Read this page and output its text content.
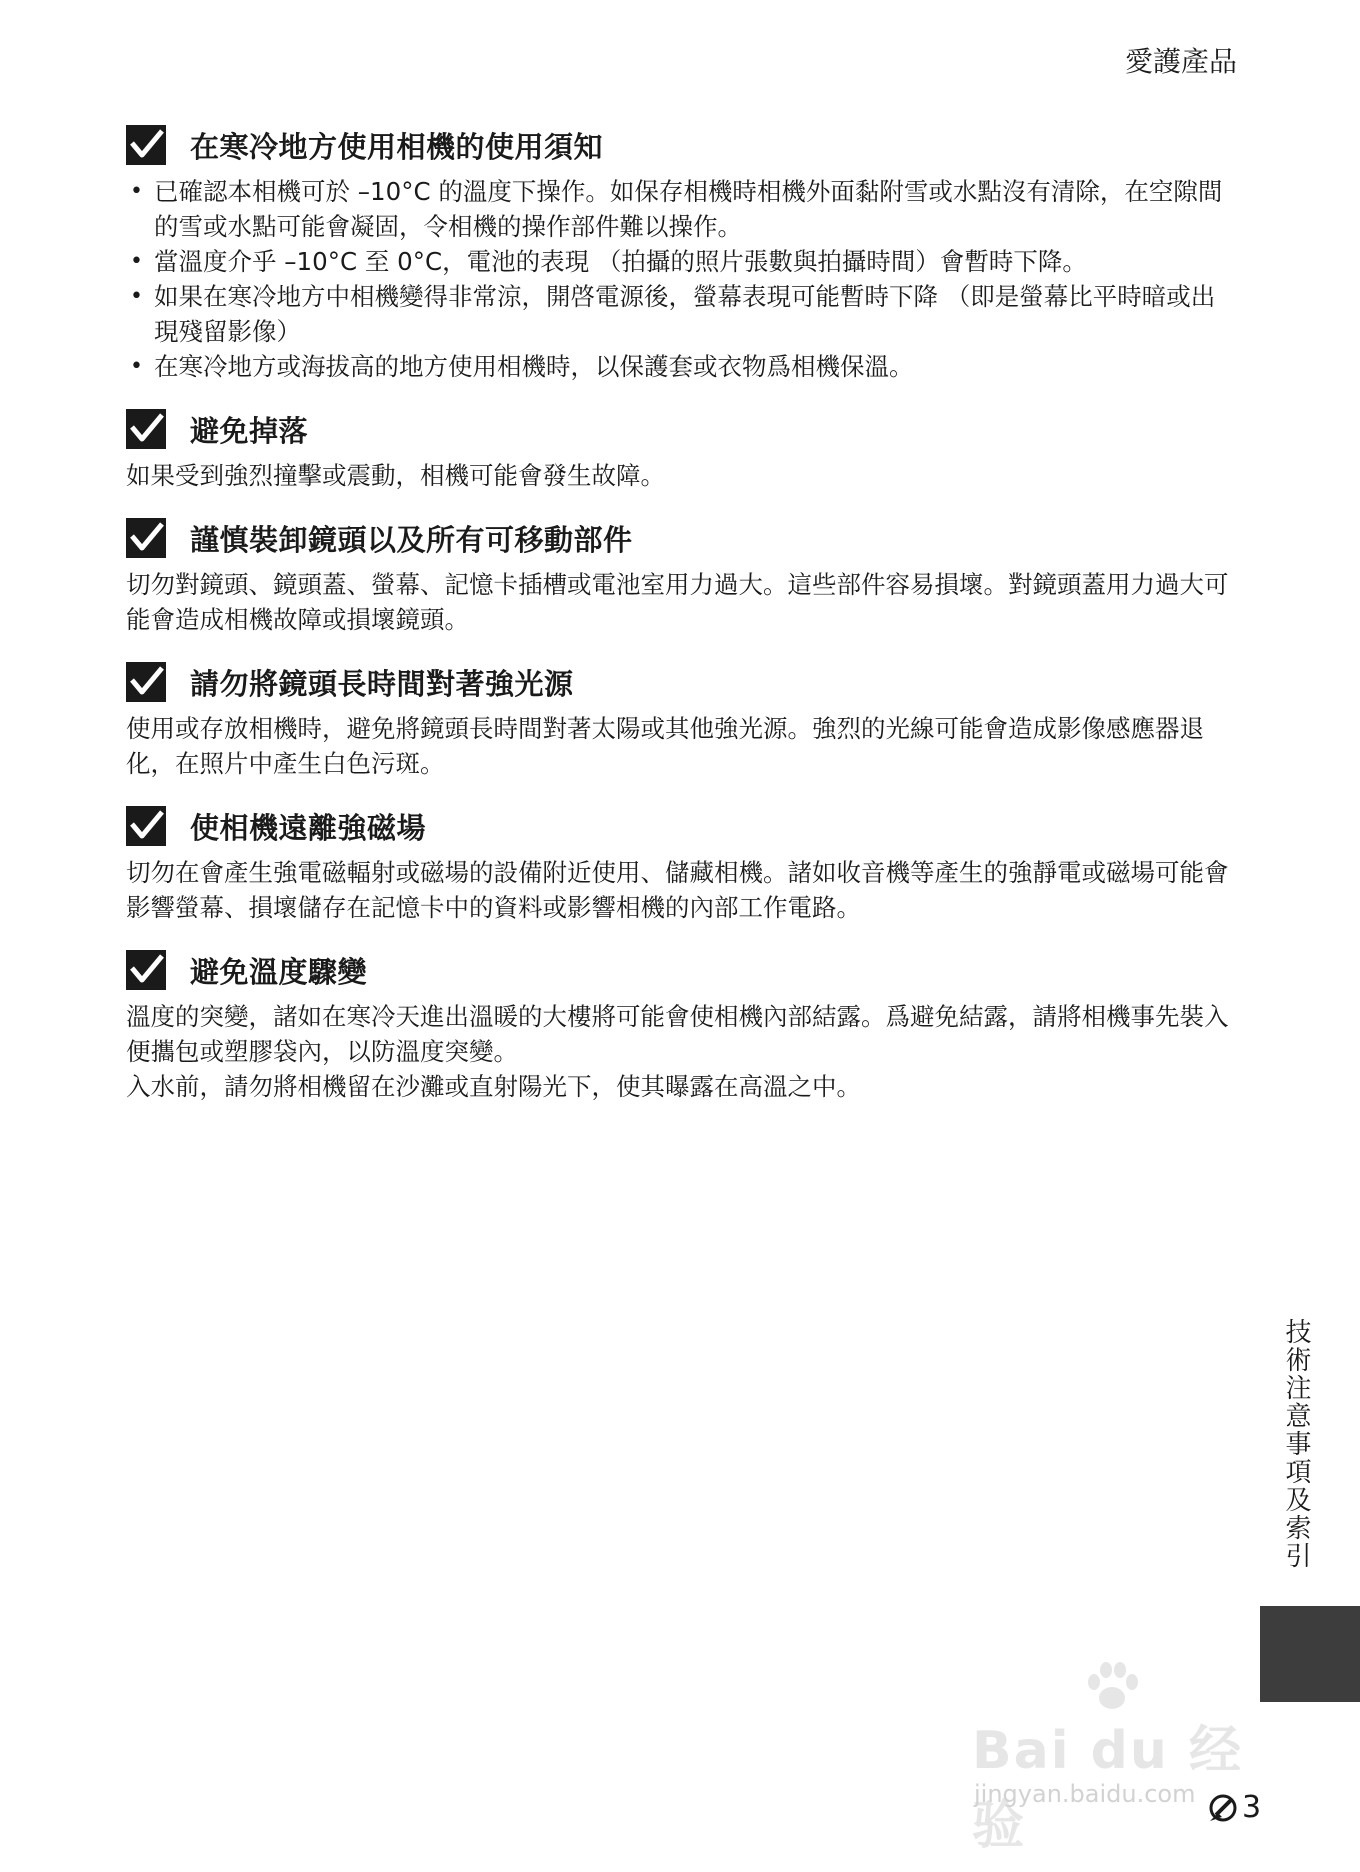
愛護產品
在寒冷地方使用相機的使用須知
• 已確認本相機可於 –10°C 的溫度下操作。如保存相機時相機外面黏附雪或水點沒有清除，在空隙間的雪或水點可能會凝固，令相機的操作部件難以操作。
• 當溫度介乎 –10°C 至 0°C，電池的表現 （拍攝的照片張數與拍攝時間）會暫時下降。
• 如果在寒冷地方中相機變得非常涼，開啓電源後，螢幕表現可能暫時下降 （即是螢幕比平時暗或出現殘留影像）
• 在寒冷地方或海拔高的地方使用相機時，以保護套或衣物爲相機保溫。
避免掉落

如果受到強烈撞擊或震動，相機可能會發生故障。

謹慎裝卸鏡頭以及所有可移動部件

切勿對鏡頭、鏡頭蓋、螢幕、記憶卡插槽或電池室用力過大。這些部件容易損壞。對鏡頭蓋用力過大可能會造成相機故障或損壞鏡頭。

請勿將鏡頭長時間對著強光源

使用或存放相機時，避免將鏡頭長時間對著太陽或其他強光源。強烈的光線可能會造成影像感應器退化，在照片中產生白色污斑。

使相機遠離強磁場

切勿在會產生強電磁輻射或磁場的設備附近使用、儲藏相機。諸如收音機等產生的強靜電或磁場可能會影響螢幕、損壞儲存在記憶卡中的資料或影響相機的內部工作電路。

避免溫度驟變

溫度的突變，諸如在寒冷天進出溫暖的大樓將可能會使相機內部結露。爲避免結露，請將相機事先裝入便攜包或塑膠袋內，以防溫度突變。

入水前，請勿將相機留在沙灘或直射陽光下，使其曝露在高溫之中。

技術注意事項及索引
Bai du 经验
jingyan.baidu.com 3
